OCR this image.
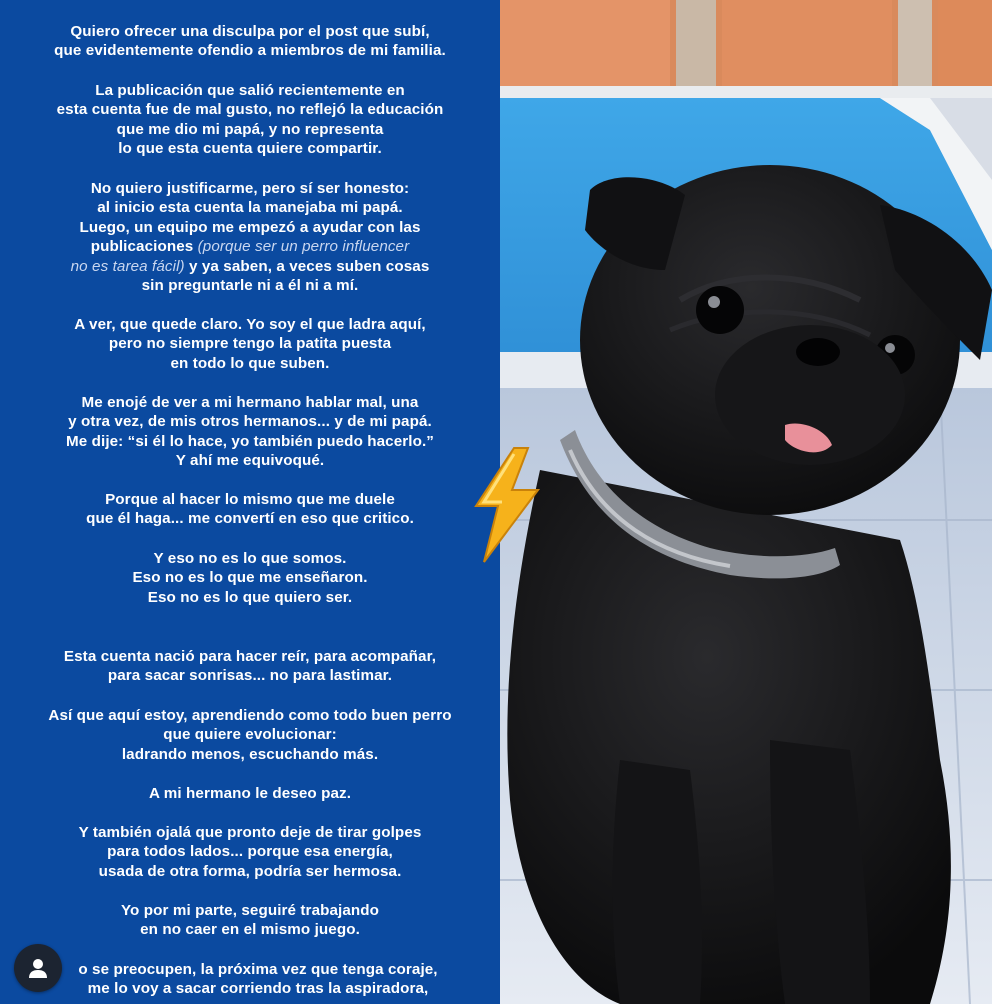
Quiero ofrecer una disculpa por el post que subí,
que evidentemente ofendio a miembros de mi familia.
La publicación que salió recientemente en
esta cuenta fue de mal gusto, no reflejó la educación
que me dio mi papá, y no representa
lo que esta cuenta quiere compartir.
No quiero justificarme, pero sí ser honesto:
al inicio esta cuenta la manejaba mi papá.
Luego, un equipo me empezó a ayudar con las
publicaciones (porque ser un perro influencer
no es tarea fácil) y ya saben, a veces suben cosas
sin preguntarle ni a él ni a mí.
A ver, que quede claro. Yo soy el que ladra aquí,
pero no siempre tengo la patita puesta
en todo lo que suben.
Me enojé de ver a mi hermano hablar mal, una
y otra vez, de mis otros hermanos... y de mi papá.
Me dije: “si él lo hace, yo también puedo hacerlo.”
Y ahí me equivoqué.
Porque al hacer lo mismo que me duele
que él haga... me convertí en eso que critico.
Y eso no es lo que somos.
Eso no es lo que me enseñaron.
Eso no es lo que quiero ser.
Esta cuenta nació para hacer reír, para acompañar,
para sacar sonrisas... no para lastimar.
Así que aquí estoy, aprendiendo como todo buen perro
que quiere evolucionar:
ladrando menos, escuchando más.
A mi hermano le deseo paz.
Y también ojalá que pronto deje de tirar golpes
para todos lados... porque esa energía,
usada de otra forma, podría ser hermosa.
Yo por mi parte, seguiré trabajando
en no caer en el mismo juego.
o se preocupen, la próxima vez que tenga coraje,
me lo voy a sacar corriendo tras la aspiradora,
